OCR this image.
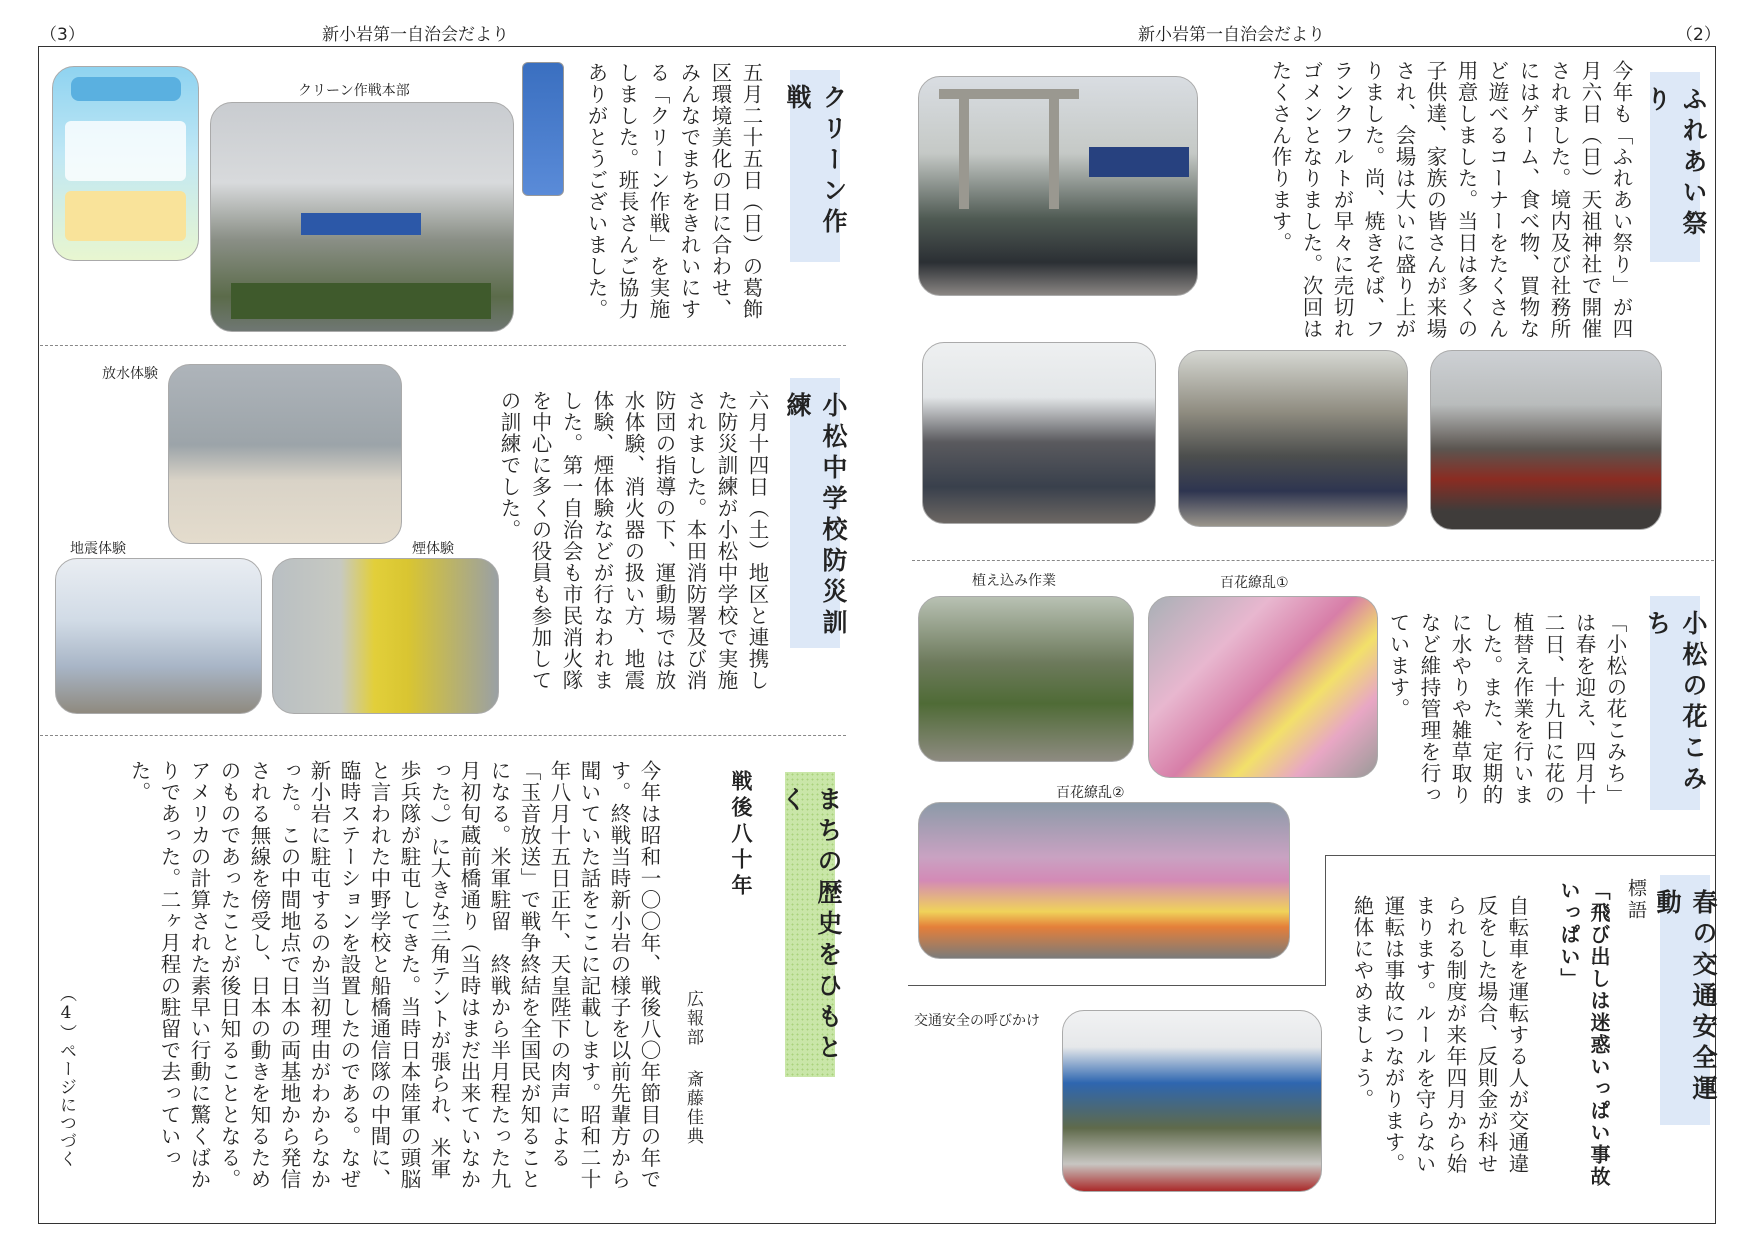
（3）	新小岩第一自治会だより	新小岩第一自治会だより	（2）
クリーン作戦
五月二十五日（日）の葛飾区環境美化の日に合わせ、みんなでまちをきれいにする「クリーン作戦」を実施しました。班長さんご協力ありがとうございました。
クリーン作戦本部
小松中学校防災訓練
六月十四日（土）地区と連携した防災訓練が小松中学校で実施されました。本田消防署及び消防団の指導の下、運動場では放水体験、消火器の扱い方、地震体験、煙体験などが行なわれました。第一自治会も市民消火隊を中心に多くの役員も参加しての訓練でした。
放水体験
地震体験	煙体験
まちの歴史をひもとく
戦後八十年
広報部
斎藤佳典
今年は昭和一〇〇年、戦後八〇年節目の年です。終戦当時新小岩の様子を以前先輩方から聞いていた話をここに記載します。昭和二十年八月十五日正午、天皇陛下の肉声による「玉音放送」で戦争終結を全国民が知ることになる。米軍駐留　終戦から半月程たった九月初旬蔵前橋通り（当時はまだ出来ていなかった。）に大きな三角テントが張られ、米軍歩兵隊が駐屯してきた。当時日本陸軍の頭脳と言われた中野学校と船橋通信隊の中間に、臨時ステーションを設置したのである。なぜ新小岩に駐屯するのか当初理由がわからなかった。この中間地点で日本の両基地から発信される無線を傍受し、日本の動きを知るためのものであったことが後日知ることとなる。アメリカの計算された素早い行動に驚くばかりであった。二ヶ月程の駐留で去っていった。
（4）ページにつづく
ふれあい祭り
今年も「ふれあい祭り」が四月六日（日）天祖神社で開催されました。境内及び社務所にはゲーム、食べ物、買物など遊べるコーナーをたくさん用意しました。当日は多くの子供達、家族の皆さんが来場され、会場は大いに盛り上がりました。尚、焼きそば、フランクフルトが早々に売切れゴメンとなりました。次回はたくさん作ります。
小松の花こみち
「小松の花こみち」は春を迎え、四月十二日、十九日に花の植替え作業を行いました。また、定期的に水やりや雑草取りなど維持管理を行っています。
植え込み作業	百花繚乱①
百花繚乱②
春の交通安全運動
標語
「飛び出しは迷惑いっぱい事故いっぱい」
自転車を運転する人が交通違反をした場合、反則金が科せられる制度が来年四月から始まります。ルールを守らない運転は事故につながります。絶体にやめましょう。
交通安全の呼びかけ
